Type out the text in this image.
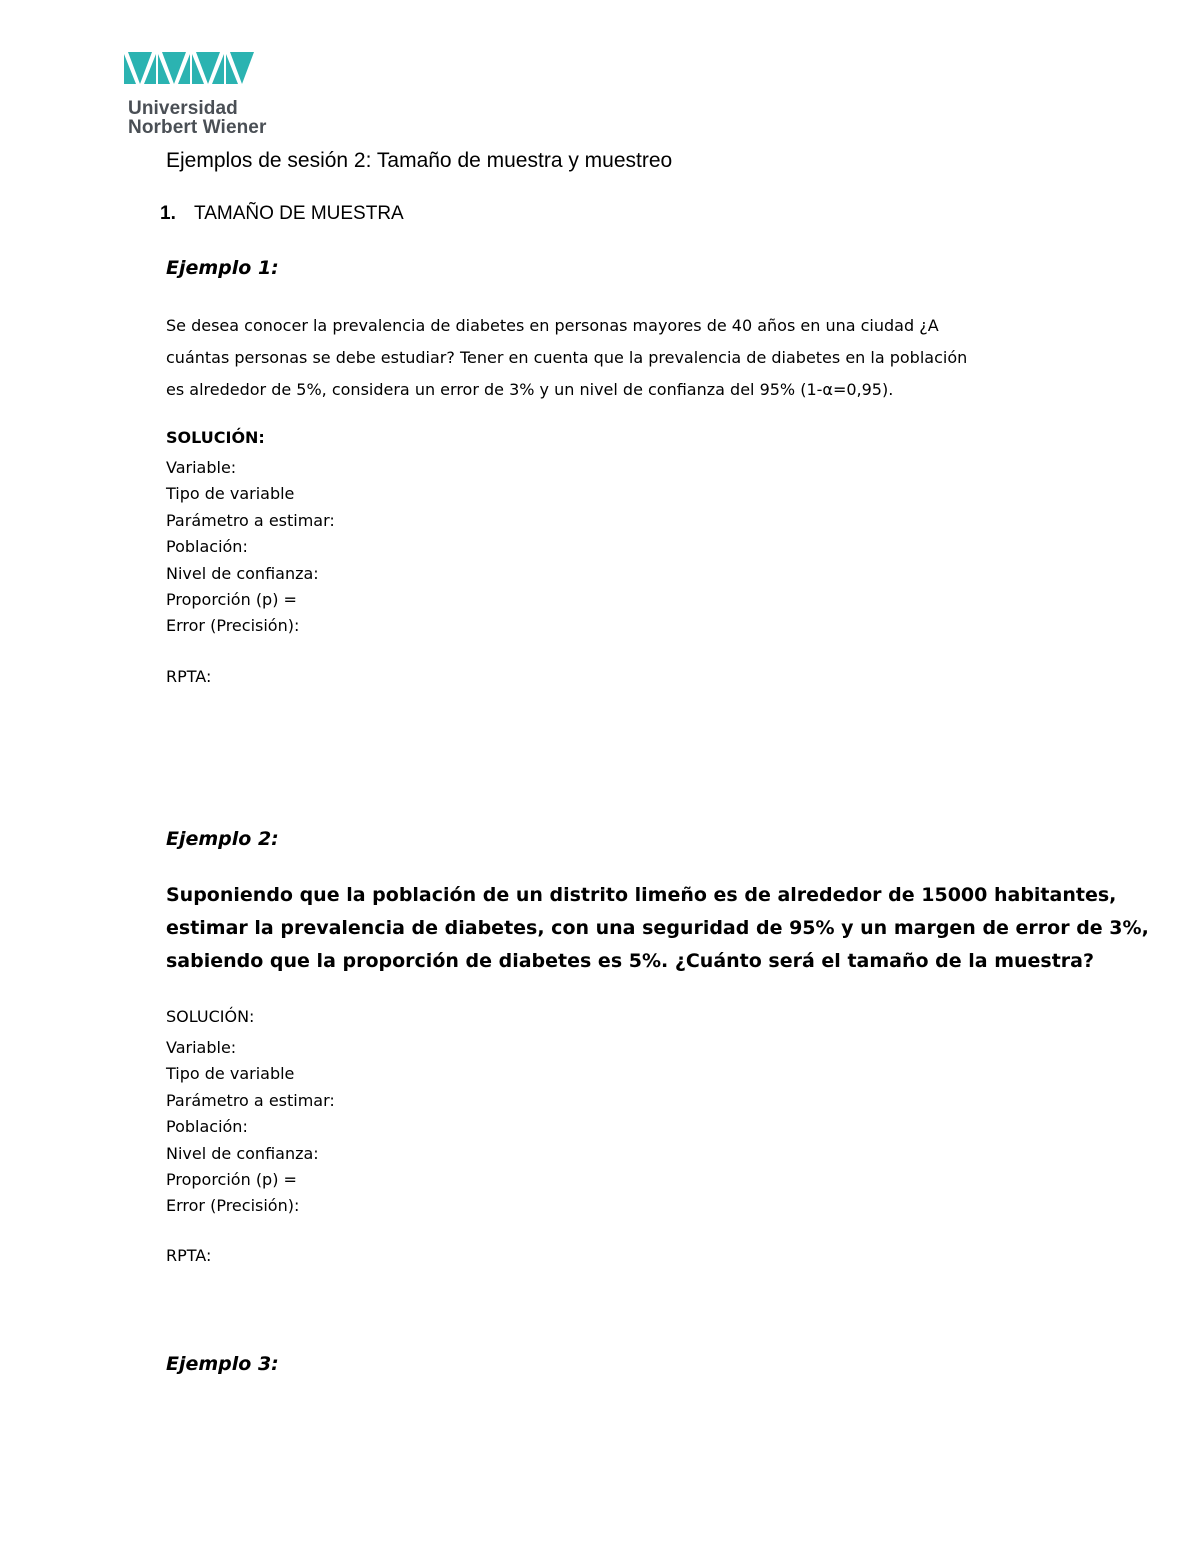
Universidad
Norbert Wiener
Ejemplos de sesión 2: Tamaño de muestra y muestreo
1. TAMAÑO DE MUESTRA
Ejemplo 1:
Se desea conocer la prevalencia de diabetes en personas mayores de 40 años en una ciudad ¿A
cuántas personas se debe estudiar? Tener en cuenta que la prevalencia de diabetes en la población
es alrededor de 5%, considera un error de 3% y un nivel de confianza del 95% (1-α=0,95).
SOLUCIÓN:
Variable:
Tipo de variable
Parámetro a estimar:
Población:
Nivel de confianza:
Proporción (p) =
Error (Precisión):
RPTA:
Ejemplo 2:
Suponiendo que la población de un distrito limeño es de alrededor de 15000 habitantes,
estimar la prevalencia de diabetes, con una seguridad de 95% y un margen de error de 3%,
sabiendo que la proporción de diabetes es 5%. ¿Cuánto será el tamaño de la muestra?
SOLUCIÓN:
Variable:
Tipo de variable
Parámetro a estimar:
Población:
Nivel de confianza:
Proporción (p) =
Error (Precisión):
RPTA:
Ejemplo 3:
